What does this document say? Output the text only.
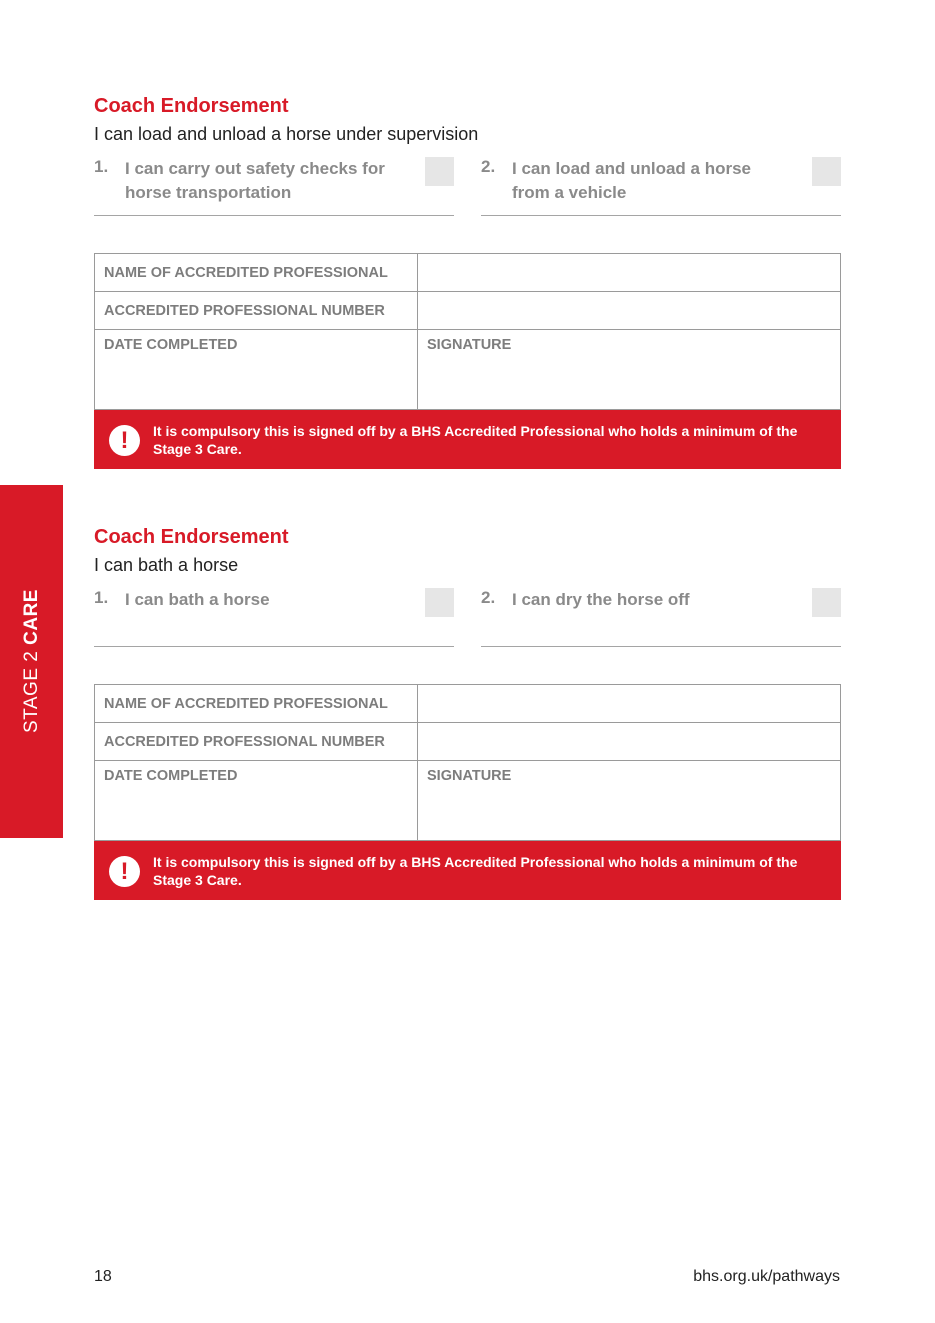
STAGE 2 CARE
Coach Endorsement
I can load and unload a horse under supervision
1. I can carry out safety checks for horse transportation
2. I can load and unload a horse from a vehicle
NAME OF ACCREDITED PROFESSIONAL	
ACCREDITED PROFESSIONAL NUMBER	
DATE COMPLETED	SIGNATURE
!	It is compulsory this is signed off by a BHS Accredited Professional who holds a minimum of the Stage 3 Care.
Coach Endorsement
I can bath a horse
1. I can bath a horse	2. I can dry the horse off
NAME OF ACCREDITED PROFESSIONAL	
ACCREDITED PROFESSIONAL NUMBER	
DATE COMPLETED	SIGNATURE
!	It is compulsory this is signed off by a BHS Accredited Professional who holds a minimum of the Stage 3 Care.
18	bhs.org.uk/pathways
